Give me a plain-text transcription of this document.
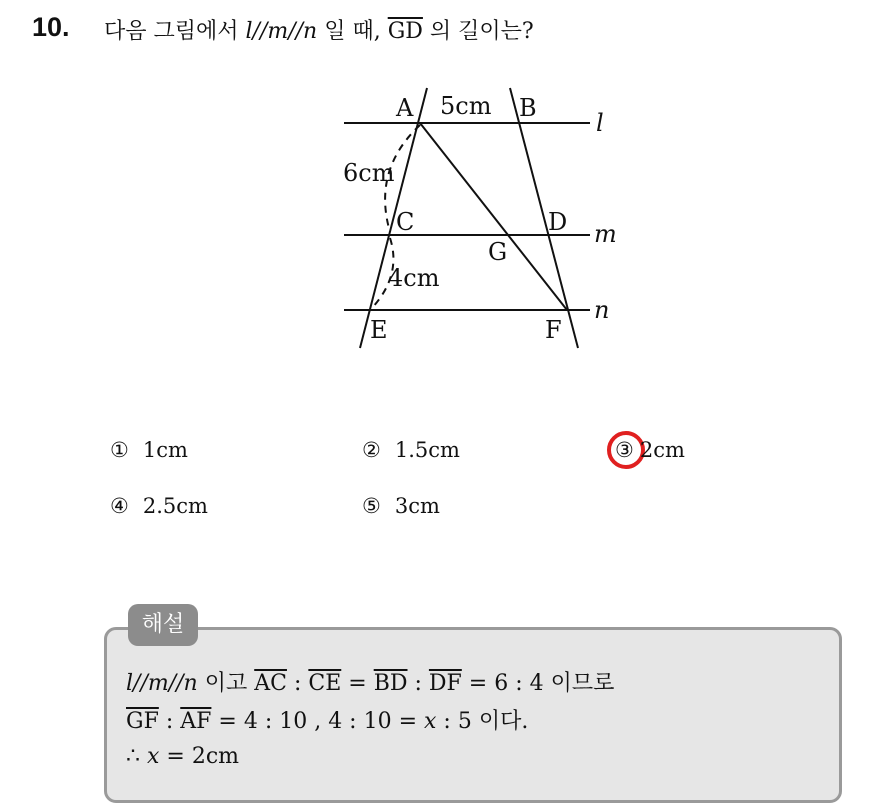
10. 다음 그림에서 l//m//n 일 때, $\overline{GD}$ 의 길이는?
A	B
5cm
l
6cm
C	D m
G
4cm
n
E	F
① 1cm	② 1.5cm	③ 2cm
④ 2.5cm	⑤ 3cm
해설
l//m//n 이고 $\overline{AC}$ : $\overline{CE} = \overline{BD}$ : $\overline{DF} = 6$ : 4 이므로
$\overline{GF}$ : $\overline{AF} = 4$ : 10 , 4 : 10 = x : 5 이다.
∴ x = 2cm
